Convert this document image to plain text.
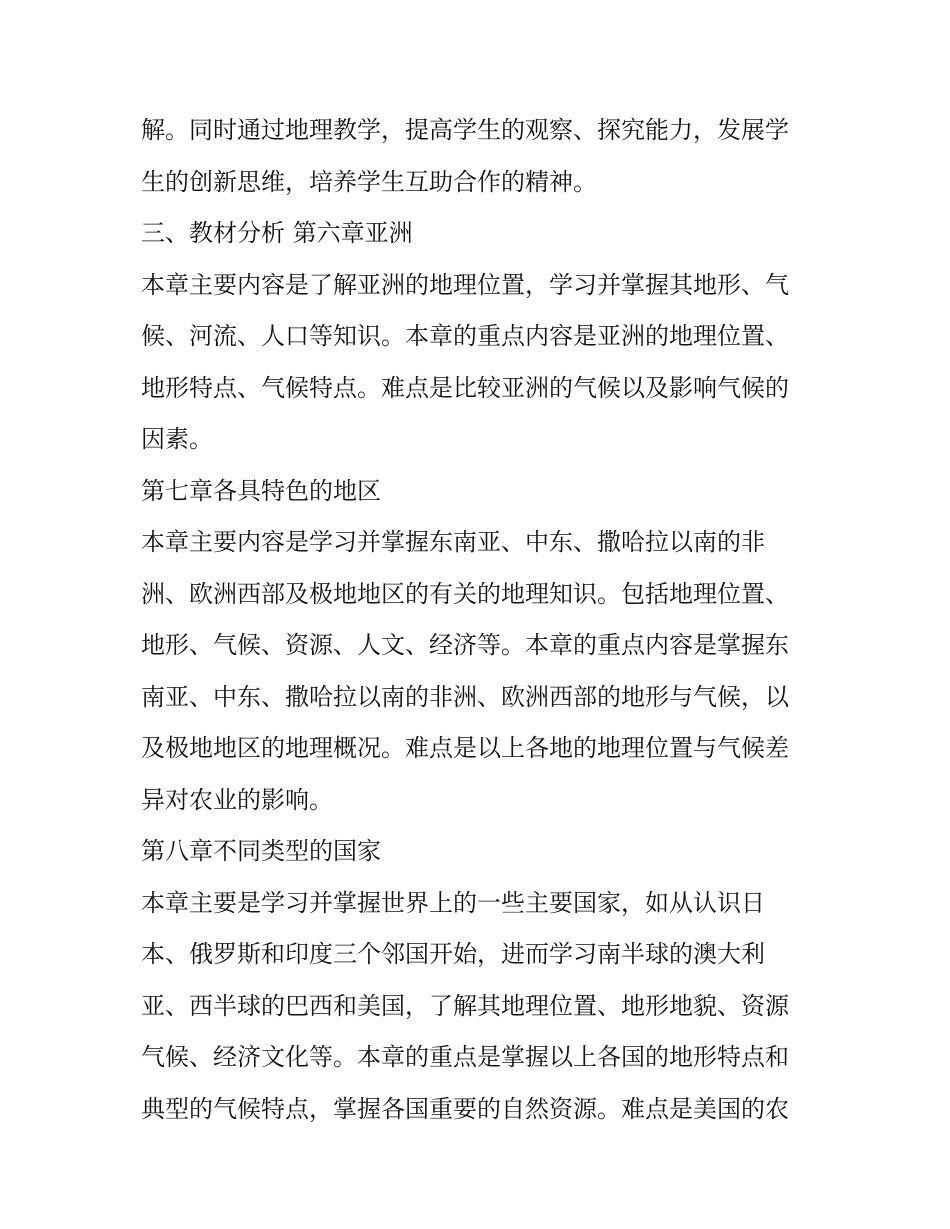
解。同时通过地理教学，提高学生的观察、探究能力，发展学
生的创新思维，培养学生互助合作的精神。
三、教材分析 第六章亚洲
本章主要内容是了解亚洲的地理位置，学习并掌握其地形、气
候、河流、人口等知识。本章的重点内容是亚洲的地理位置、
地形特点、气候特点。难点是比较亚洲的气候以及影响气候的
因素。
第七章各具特色的地区
本章主要内容是学习并掌握东南亚、中东、撒哈拉以南的非
洲、欧洲西部及极地地区的有关的地理知识。包括地理位置、
地形、气候、资源、人文、经济等。本章的重点内容是掌握东
南亚、中东、撒哈拉以南的非洲、欧洲西部的地形与气候，以
及极地地区的地理概况。难点是以上各地的地理位置与气候差
异对农业的影响。
第八章不同类型的国家
本章主要是学习并掌握世界上的一些主要国家，如从认识日
本、俄罗斯和印度三个邻国开始，进而学习南半球的澳大利
亚、西半球的巴西和美国，了解其地理位置、地形地貌、资源
气候、经济文化等。本章的重点是掌握以上各国的地形特点和
典型的气候特点，掌握各国重要的自然资源。难点是美国的农
